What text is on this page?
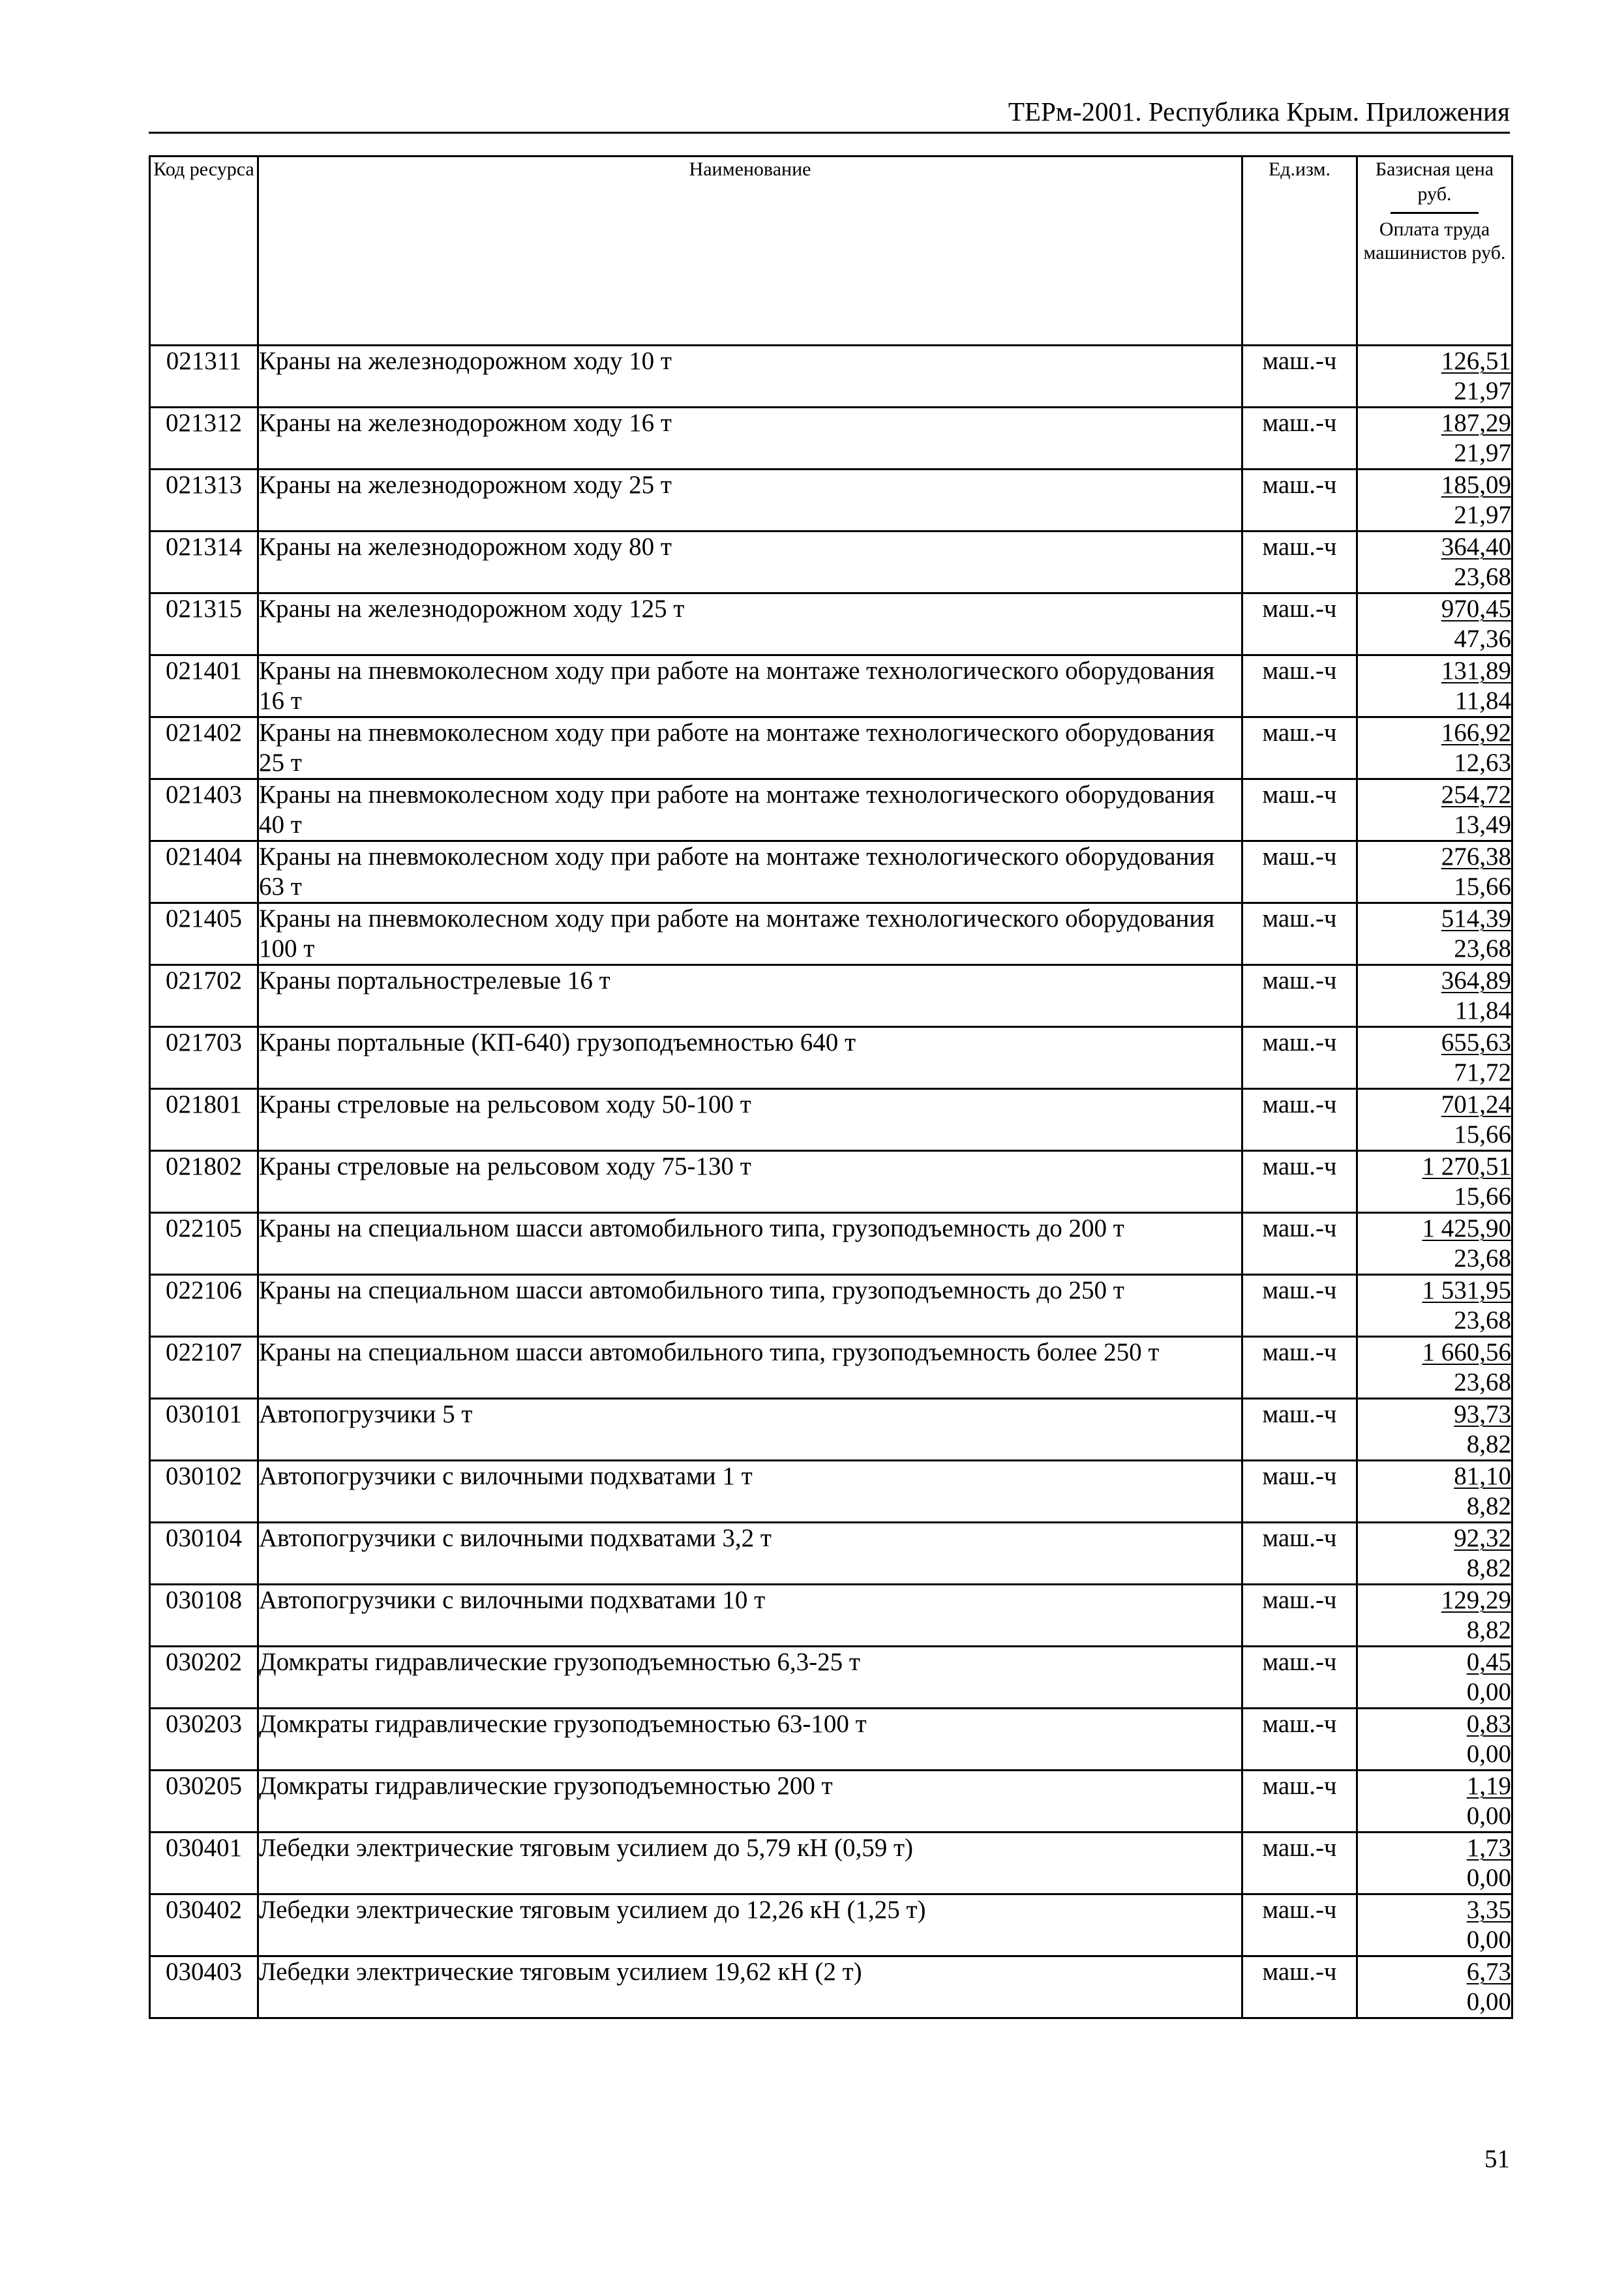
ТЕРм-2001. Республика Крым. Приложения
Код ресурса	Наименование	Ед.изм.	Базисная цена руб.
Оплата труда машинистов руб.

021311	Краны на железнодорожном ходу 10 т	маш.-ч	126,51
21,97

021312	Краны на железнодорожном ходу 16 т	маш.-ч	187,29
21,97

021313	Краны на железнодорожном ходу 25 т	маш.-ч	185,09
21,97

021314	Краны на железнодорожном ходу 80 т	маш.-ч	364,40
23,68

021315	Краны на железнодорожном ходу 125 т	маш.-ч	970,45
47,36

021401	Краны на пневмоколесном ходу при работе на монтаже технологического оборудования 16 т	маш.-ч	131,89
11,84

021402	Краны на пневмоколесном ходу при работе на монтаже технологического оборудования 25 т	маш.-ч	166,92
12,63

021403	Краны на пневмоколесном ходу при работе на монтаже технологического оборудования 40 т	маш.-ч	254,72
13,49

021404	Краны на пневмоколесном ходу при работе на монтаже технологического оборудования 63 т	маш.-ч	276,38
15,66

021405	Краны на пневмоколесном ходу при работе на монтаже технологического оборудования 100 т	маш.-ч	514,39
23,68

021702	Краны портальнострелевые 16 т	маш.-ч	364,89
11,84

021703	Краны портальные (КП-640) грузоподъемностью 640 т	маш.-ч	655,63
71,72

021801	Краны стреловые на рельсовом ходу 50-100 т	маш.-ч	701,24
15,66

021802	Краны стреловые на рельсовом ходу 75-130 т	маш.-ч	1 270,51
15,66

022105	Краны на специальном шасси автомобильного типа, грузоподъемность до 200 т	маш.-ч	1 425,90
23,68

022106	Краны на специальном шасси автомобильного типа, грузоподъемность до 250 т	маш.-ч	1 531,95
23,68

022107	Краны на специальном шасси автомобильного типа, грузоподъемность более 250 т	маш.-ч	1 660,56
23,68

030101	Автопогрузчики 5 т	маш.-ч	93,73
8,82

030102	Автопогрузчики с вилочными подхватами 1 т	маш.-ч	81,10
8,82

030104	Автопогрузчики с вилочными подхватами 3,2 т	маш.-ч	92,32
8,82

030108	Автопогрузчики с вилочными подхватами 10 т	маш.-ч	129,29
8,82

030202	Домкраты гидравлические грузоподъемностью 6,3-25 т	маш.-ч	0,45
0,00

030203	Домкраты гидравлические грузоподъемностью 63-100 т	маш.-ч	0,83
0,00

030205	Домкраты гидравлические грузоподъемностью 200 т	маш.-ч	1,19
0,00

030401	Лебедки электрические тяговым усилием до 5,79 кН (0,59 т)	маш.-ч	1,73
0,00

030402	Лебедки электрические тяговым усилием до 12,26 кН (1,25 т)	маш.-ч	3,35
0,00

030403	Лебедки электрические тяговым усилием 19,62 кН (2 т)	маш.-ч	6,73
0,00
51
